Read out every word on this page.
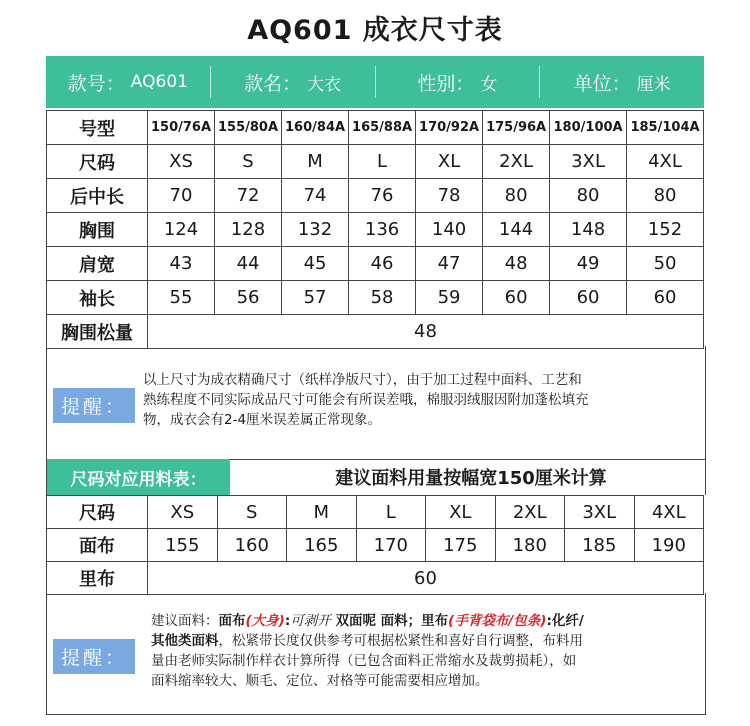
AQ601 成衣尺寸表
款号： AQ601	款名： 大衣	性别： 女	单位： 厘米
号型	150/76A	155/80A	160/84A	165/88A	170/92A	175/96A	180/100A	185/104A
尺码	XS	S	M	L	XL	2XL	3XL	4XL
后中长	70	72	74	76	78	80	80	80
胸围	124	128	132	136	140	144	148	152
肩宽	43	44	45	46	47	48	49	50
袖长	55	56	57	58	59	60	60	60
胸围松量	48							
提醒：
以上尺寸为成衣精确尺寸（纸样净版尺寸），由于加工过程中面料、工艺和
熟练程度不同实际成品尺寸可能会有所误差哦，棉服羽绒服因附加蓬松填充
物，成衣会有2-4厘米误差属正常现象。
尺码对应用料表：	建议面料用量按幅宽150厘米计算
尺码	XS	S	M	L	XL	2XL	3XL	4XL
面布	155	160	165	170	175	180	185	190
里布	60							
提醒：
建议面料：面布(大身):可剥开 双面呢 面料；里布(手背袋布/包条):化纤/
其他类面料，松紧带长度仅供参考可根据松紧性和喜好自行调整，布料用
量由老师实际制作样衣计算所得（已包含面料正常缩水及裁剪损耗），如
面料缩率较大、顺毛、定位、对格等可能需要相应增加。
